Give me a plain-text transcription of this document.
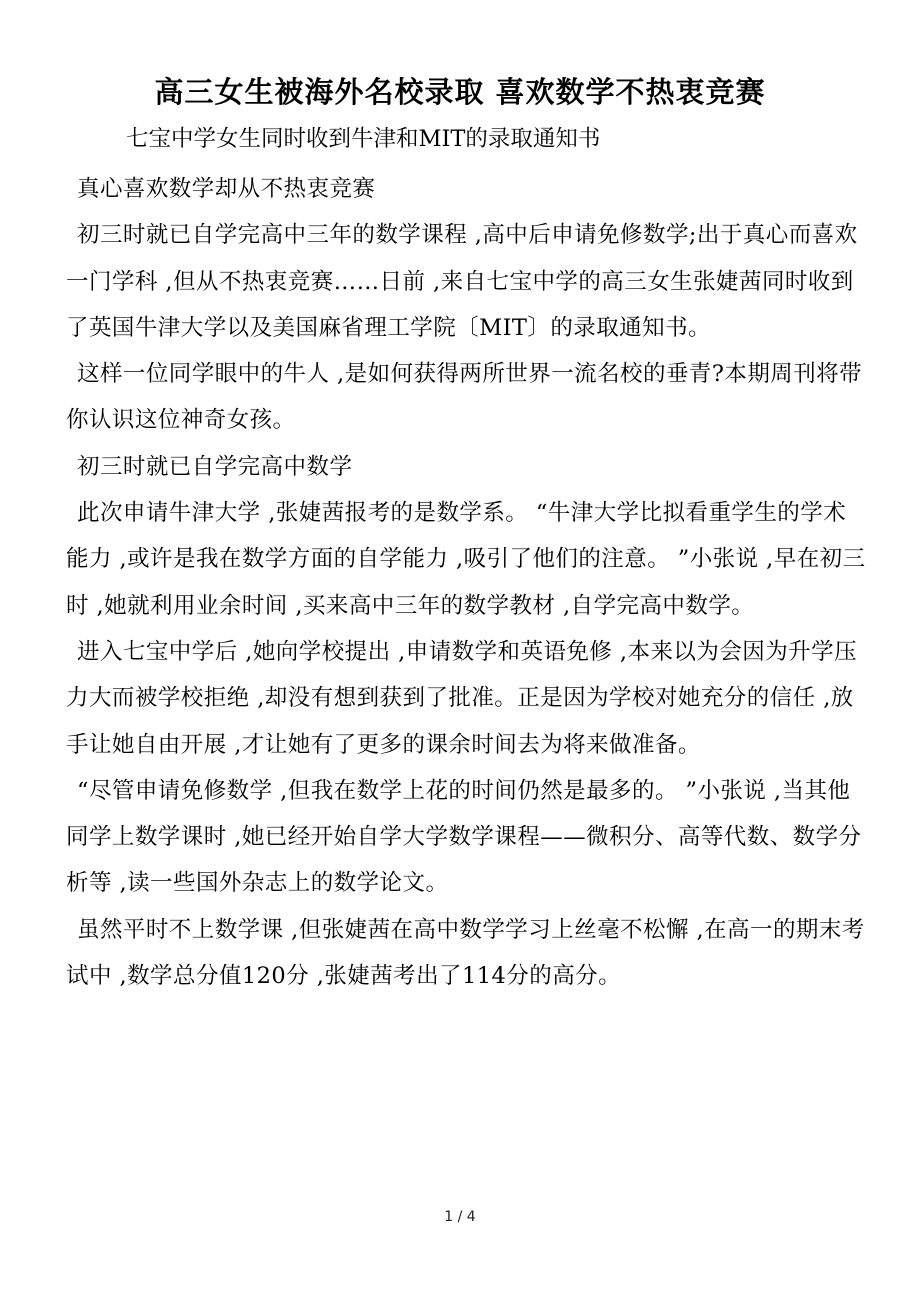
高三女生被海外名校录取 喜欢数学不热衷竞赛
七宝中学女生同时收到牛津和MIT的录取通知书

真心喜欢数学却从不热衷竞赛

初三时就已自学完高中三年的数学课程 ,高中后申请免修数学;出于真心而喜欢一门学科 ,但从不热衷竞赛……日前 ,来自七宝中学的高三女生张婕茜同时收到了英国牛津大学以及美国麻省理工学院〔MIT〕的录取通知书。

这样一位同学眼中的牛人 ,是如何获得两所世界一流名校的垂青?本期周刊将带你认识这位神奇女孩。

初三时就已自学完高中数学

此次申请牛津大学 ,张婕茜报考的是数学系。 “牛津大学比拟看重学生的学术能力 ,或许是我在数学方面的自学能力 ,吸引了他们的注意。 ”小张说 ,早在初三时 ,她就利用业余时间 ,买来高中三年的数学教材 ,自学完高中数学。

进入七宝中学后 ,她向学校提出 ,申请数学和英语免修 ,本来以为会因为升学压力大而被学校拒绝 ,却没有想到获到了批准。正是因为学校对她充分的信任 ,放手让她自由开展 ,才让她有了更多的课余时间去为将来做准备。

“尽管申请免修数学 ,但我在数学上花的时间仍然是最多的。 ”小张说 ,当其他同学上数学课时 ,她已经开始自学大学数学课程——微积分、高等代数、数学分析等 ,读一些国外杂志上的数学论文。

虽然平时不上数学课 ,但张婕茜在高中数学学习上丝毫不松懈 ,在高一的期末考试中 ,数学总分值120分 ,张婕茜考出了114分的高分。

1 / 4
